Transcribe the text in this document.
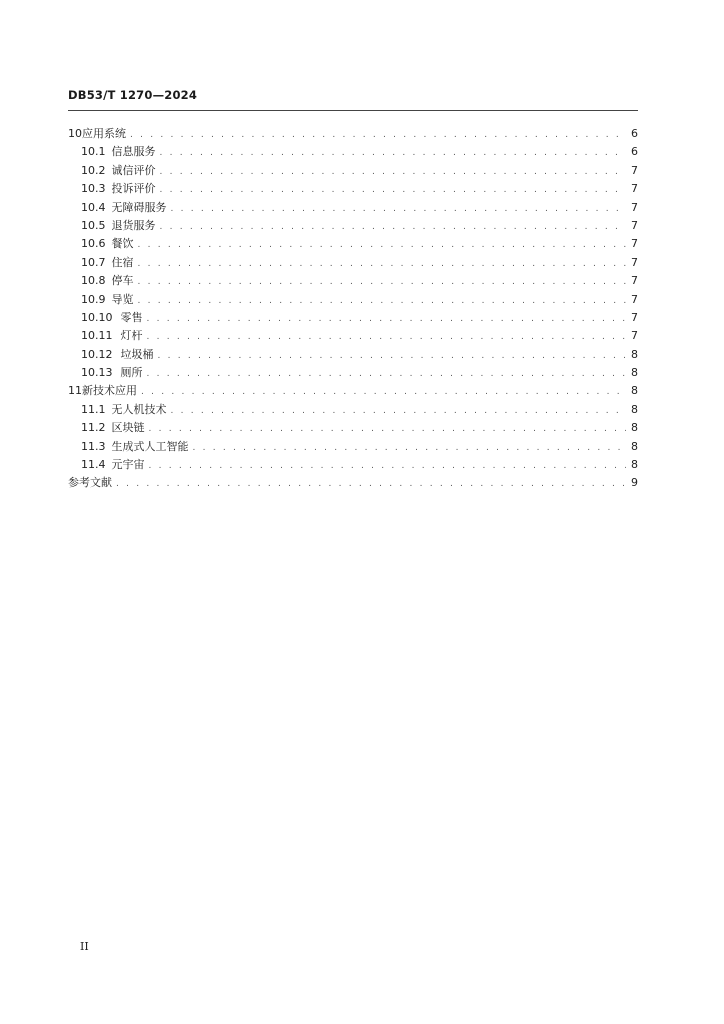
DB53/T 1270—2024
10 应用系统 . . .	6
10.1 信息服务 . . .	6
10.2 诚信评价 . . .	7
10.3 投诉评价 . . .	7
10.4 无障碍服务 . . .	7
10.5 退货服务 . . .	7
10.6 餐饮 . . .	7
10.7 住宿 . . .	7
10.8 停车 . . .	7
10.9 导览 . . .	7
10.10 零售 . . .	7
10.11 灯杆 . . .	7
10.12 垃圾桶 . . .	8
10.13 厕所 . . .	8
11 新技术应用 . . .	8
11.1 无人机技术 . . .	8
11.2 区块链 . . .	8
11.3 生成式人工智能 . . .	8
11.4 元宇宙 . . .	8
参考文献 . . .	9
II
